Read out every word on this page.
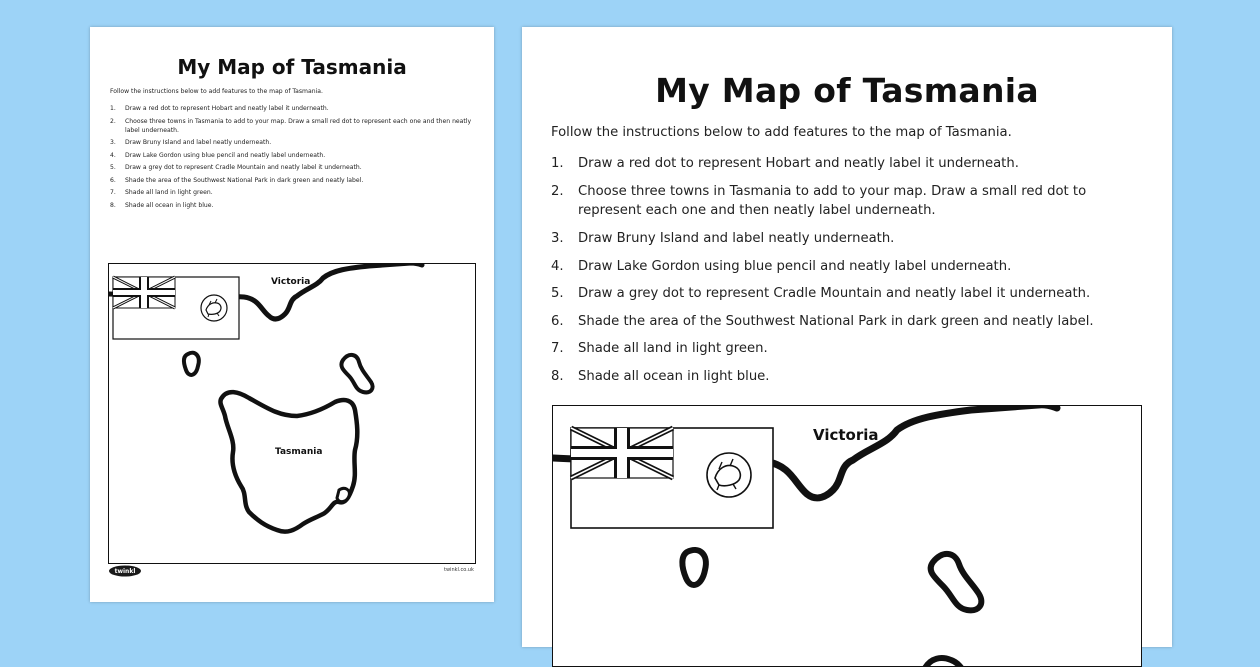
My Map of Tasmania
Follow the instructions below to add features to the map of Tasmania.
1.	Draw a red dot to represent Hobart and neatly label it underneath.
2.	Choose three towns in Tasmania to add to your map. Draw a small red dot to represent each one and then neatly label underneath.
3.	Draw Bruny Island and label neatly underneath.
4.	Draw Lake Gordon using blue pencil and neatly label underneath.
5.	Draw a grey dot to represent Cradle Mountain and neatly label it underneath.
6.	Shade the area of the Southwest National Park in dark green and neatly label.
7.	Shade all land in light green.
8.	Shade all ocean in light blue.
Victoria
Tasmania
twinkl	twinkl.co.uk
My Map of Tasmania
Follow the instructions below to add features to the map of Tasmania.
1.	Draw a red dot to represent Hobart and neatly label it underneath.
2.	Choose three towns in Tasmania to add to your map. Draw a small red dot to represent each one and then neatly label underneath.
3.	Draw Bruny Island and label neatly underneath.
4.	Draw Lake Gordon using blue pencil and neatly label underneath.
5.	Draw a grey dot to represent Cradle Mountain and neatly label it underneath.
6.	Shade the area of the Southwest National Park in dark green and neatly label.
7.	Shade all land in light green.
8.	Shade all ocean in light blue.
Victoria
